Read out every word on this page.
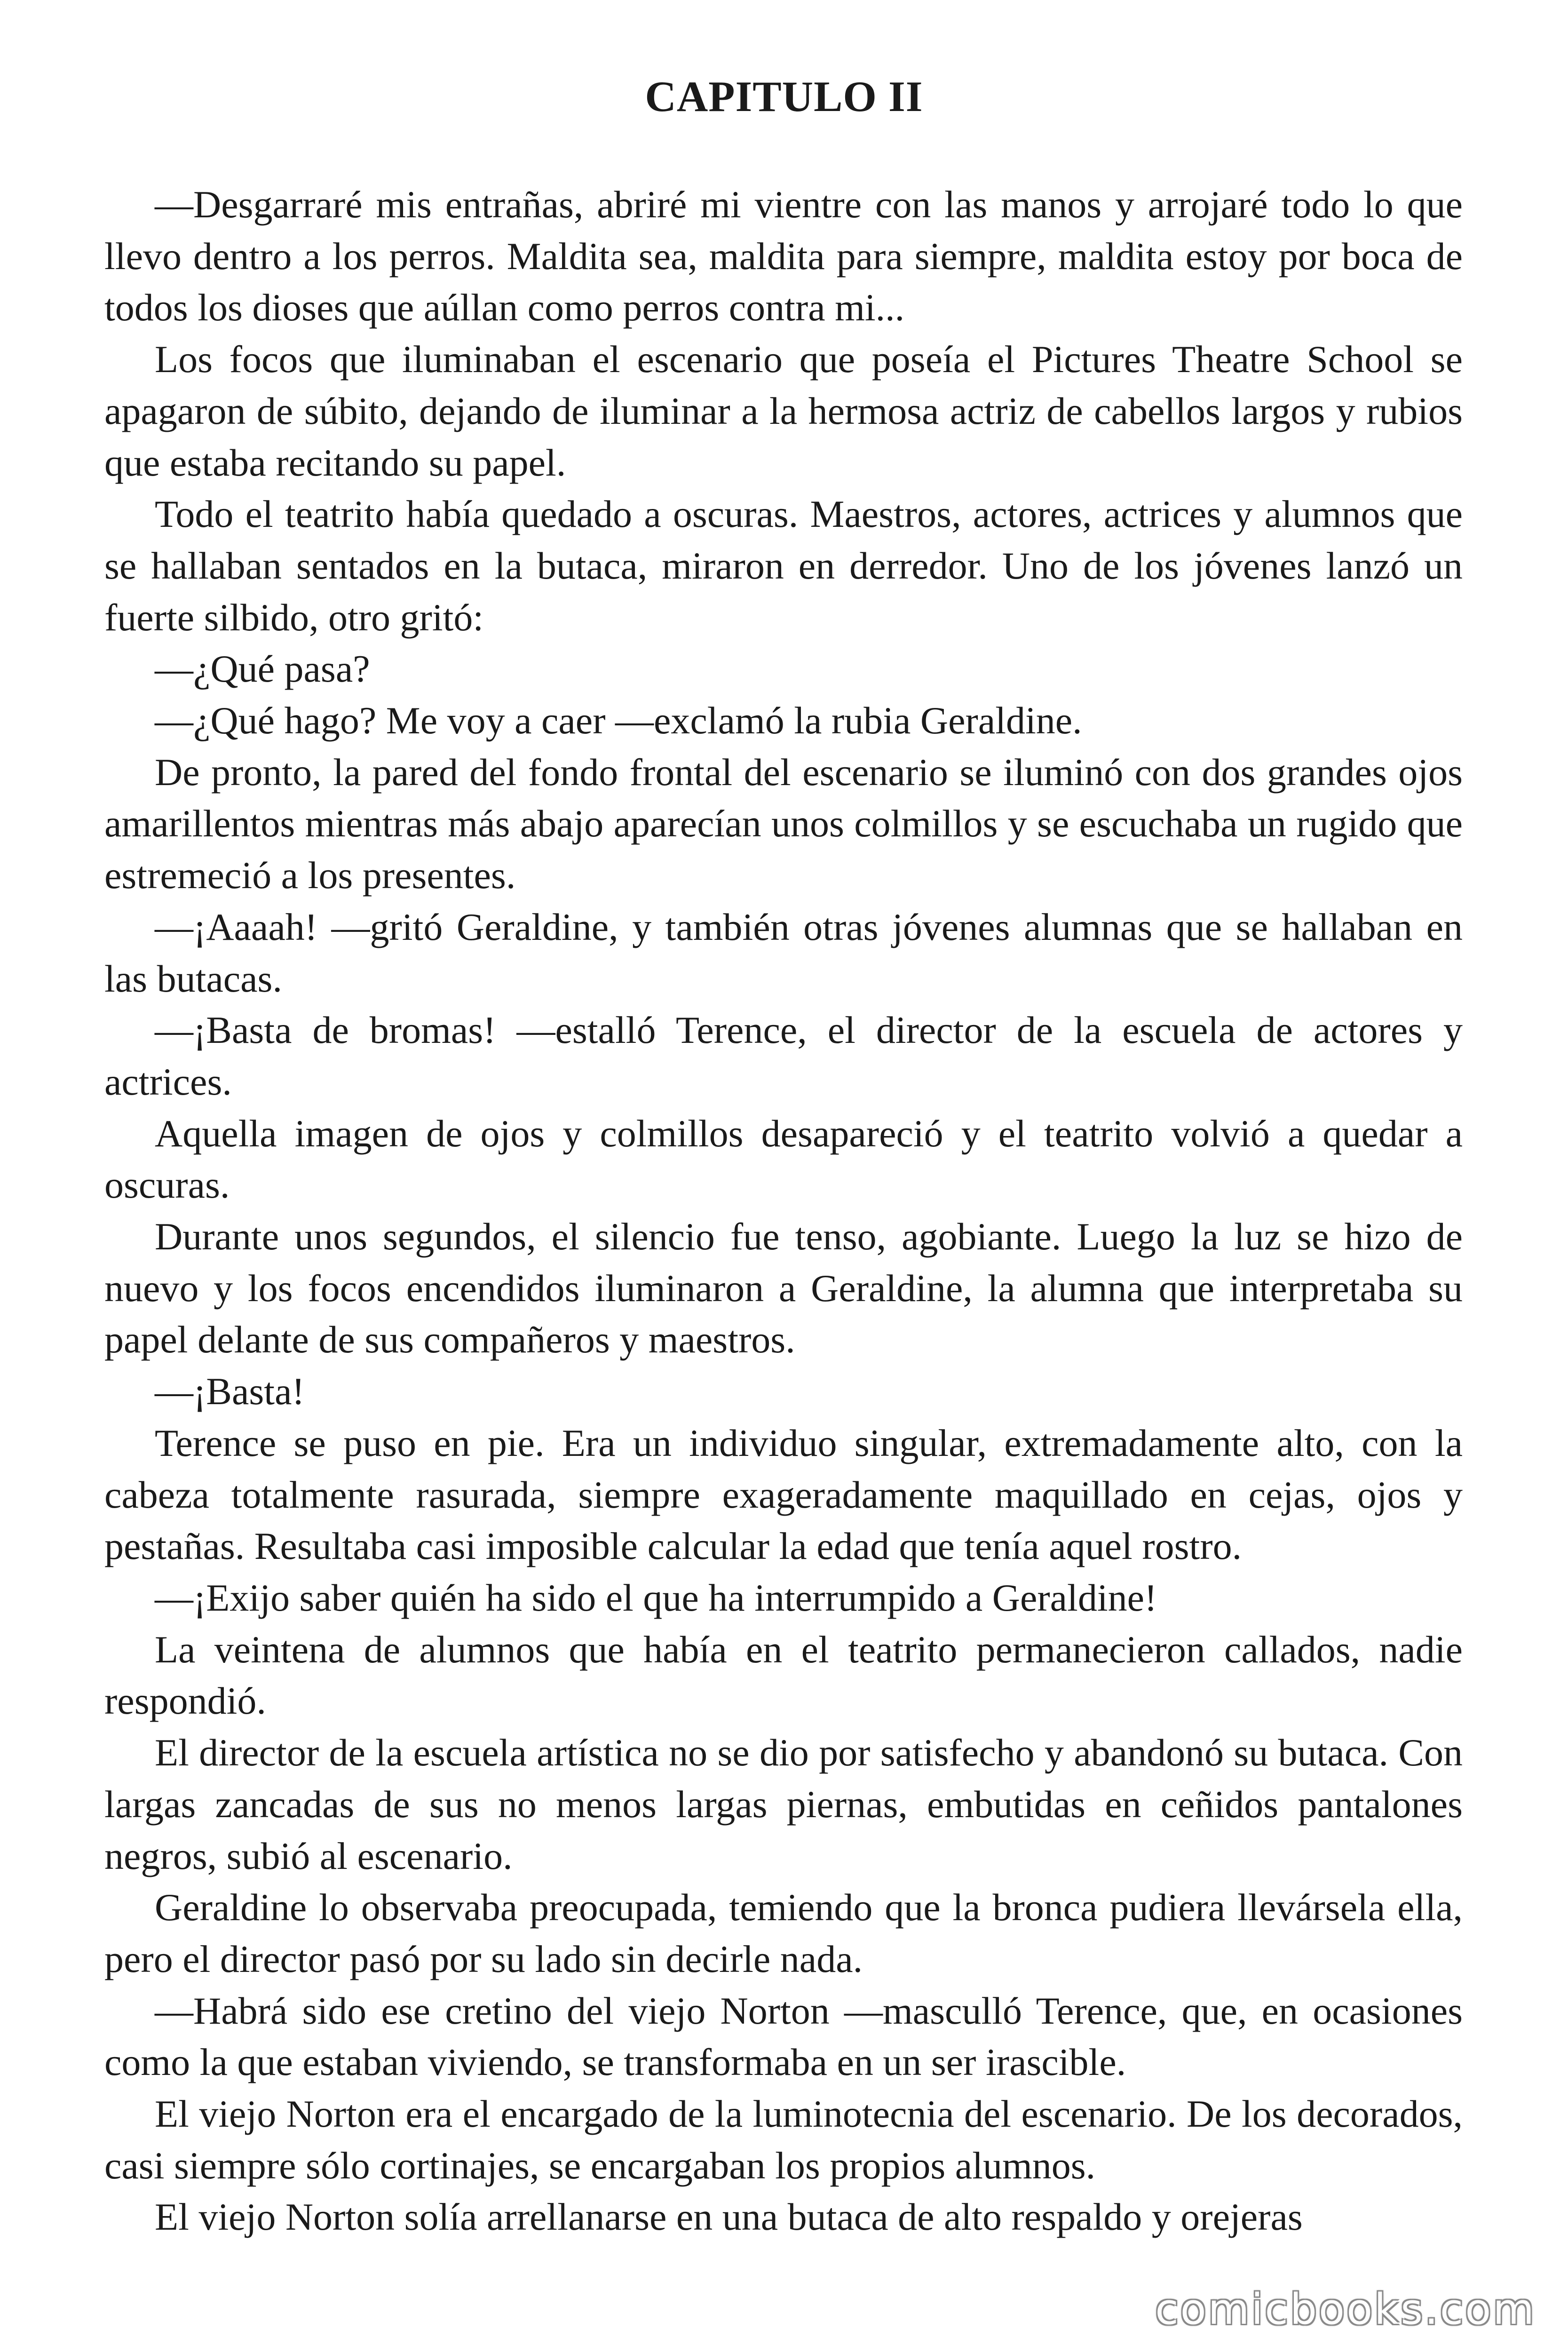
CAPITULO II

—Desgarraré mis entrañas, abriré mi vientre con las manos y arrojaré todo lo que llevo dentro a los perros. Maldita sea, maldita para siempre, maldita estoy por boca de todos los dioses que aúllan como perros contra mi...

Los focos que iluminaban el escenario que poseía el Pictures Theatre School se apagaron de súbito, dejando de iluminar a la hermosa actriz de cabellos largos y rubios que estaba recitando su papel.

Todo el teatrito había quedado a oscuras. Maestros, actores, actrices y alumnos que se hallaban sentados en la butaca, miraron en derredor. Uno de los jóvenes lanzó un fuerte silbido, otro gritó:

—¿Qué pasa?

—¿Qué hago? Me voy a caer —exclamó la rubia Geraldine.

De pronto, la pared del fondo frontal del escenario se iluminó con dos grandes ojos amarillentos mientras más abajo aparecían unos colmillos y se escuchaba un rugido que estremeció a los presentes.

—¡Aaaah! —gritó Geraldine, y también otras jóvenes alumnas que se hallaban en las butacas.

—¡Basta de bromas! —estalló Terence, el director de la escuela de actores y actrices.

Aquella imagen de ojos y colmillos desapareció y el teatrito volvió a quedar a oscuras.

Durante unos segundos, el silencio fue tenso, agobiante. Luego la luz se hizo de nuevo y los focos encendidos iluminaron a Geraldine, la alumna que interpretaba su papel delante de sus compañeros y maestros.

—¡Basta!

Terence se puso en pie. Era un individuo singular, extremadamente alto, con la cabeza totalmente rasurada, siempre exageradamente maquillado en cejas, ojos y pestañas. Resultaba casi imposible calcular la edad que tenía aquel rostro.

—¡Exijo saber quién ha sido el que ha interrumpido a Geraldine!

La veintena de alumnos que había en el teatrito permanecieron callados, nadie respondió.

El director de la escuela artística no se dio por satisfecho y abandonó su butaca. Con largas zancadas de sus no menos largas piernas, embutidas en ceñidos pantalones negros, subió al escenario.

Geraldine lo observaba preocupada, temiendo que la bronca pudiera llevársela ella, pero el director pasó por su lado sin decirle nada.

—Habrá sido ese cretino del viejo Norton —masculló Terence, que, en ocasiones como la que estaban viviendo, se transformaba en un ser irascible.

El viejo Norton era el encargado de la luminotecnia del escenario. De los decorados, casi siempre sólo cortinajes, se encargaban los propios alumnos.

El viejo Norton solía arrellanarse en una butaca de alto respaldo y orejeras

comicbooks.com
